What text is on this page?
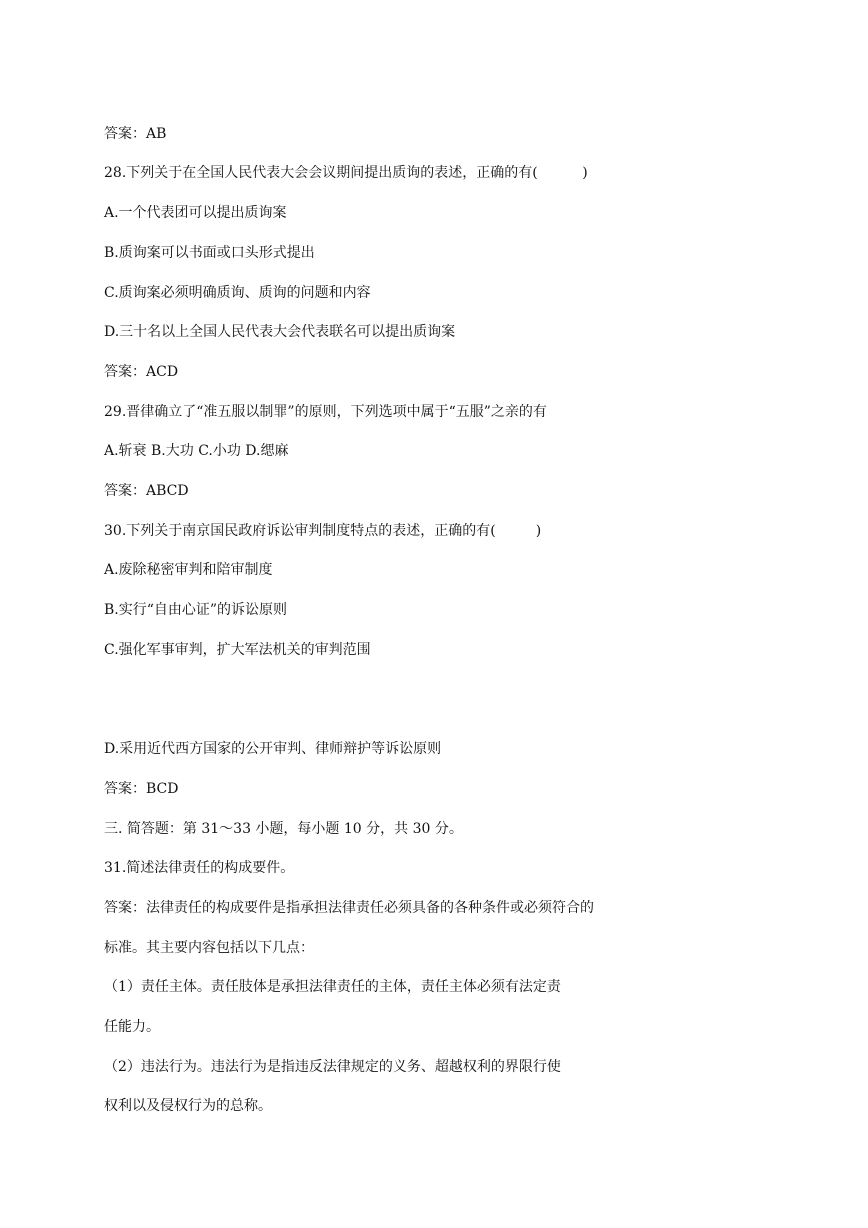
答案：AB
28.下列关于在全国人民代表大会会议期间提出质询的表述，正确的有(          )
A.一个代表团可以提出质询案
B.质询案可以书面或口头形式提出
C.质询案必须明确质询、质询的问题和内容
D.三十名以上全国人民代表大会代表联名可以提出质询案
答案：ACD
29.晋律确立了“准五服以制罪”的原则，下列选项中属于“五服”之亲的有
A.斩衰 B.大功 C.小功 D.缌麻
答案：ABCD
30.下列关于南京国民政府诉讼审判制度特点的表述，正确的有(         )
A.废除秘密审判和陪审制度
B.实行“自由心证”的诉讼原则
C.强化军事审判，扩大军法机关的审判范围
D.采用近代西方国家的公开审判、律师辩护等诉讼原则
答案：BCD
三. 简答题：第 31～33 小题，每小题 10 分，共 30 分。
31.简述法律责任的构成要件。
答案：法律责任的构成要件是指承担法律责任必须具备的各种条件或必须符合的
标准。其主要内容包括以下几点：
（1）责任主体。责任肢体是承担法律责任的主体，责任主体必须有法定责
任能力。
（2）违法行为。违法行为是指违反法律规定的义务、超越权利的界限行使
权利以及侵权行为的总称。
